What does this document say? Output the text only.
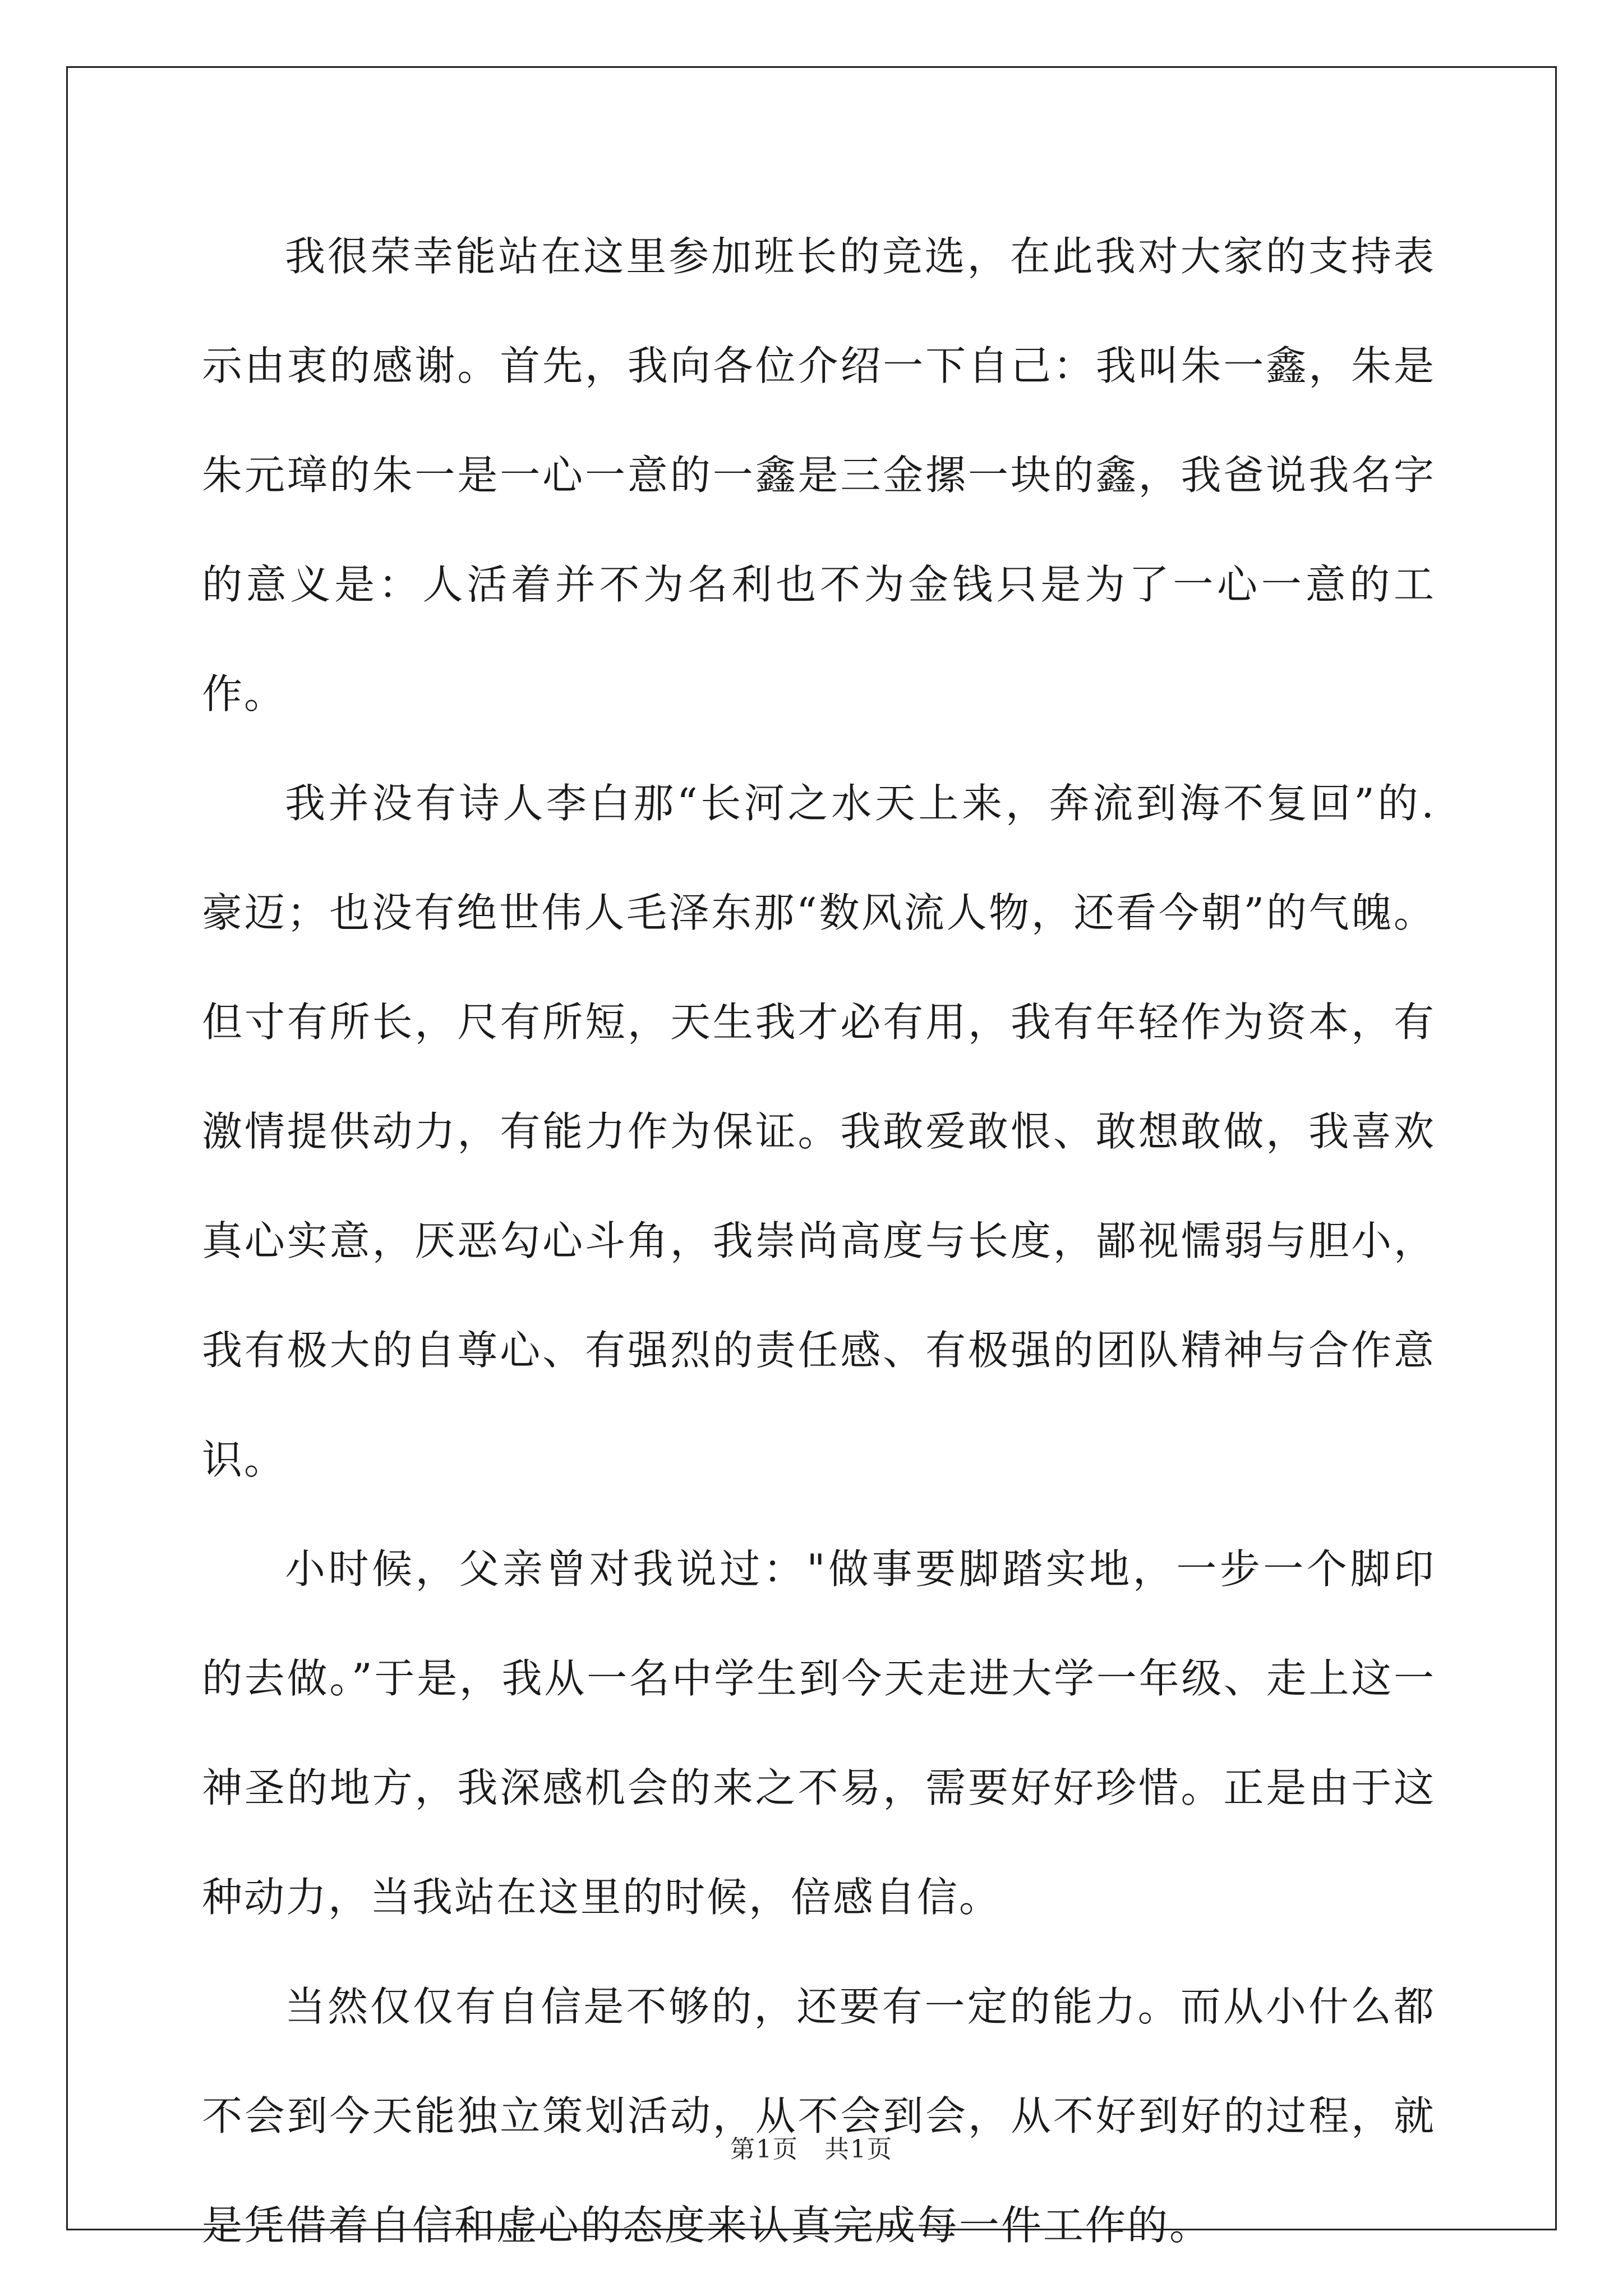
我很荣幸能站在这里参加班长的竞选，在此我对大家的支持表示由衷的感谢。首先，我向各位介绍一下自己：我叫朱一鑫，朱是朱元璋的朱一是一心一意的一鑫是三金摞一块的鑫，我爸说我名字的意义是：人活着并不为名利也不为金钱只是为了一心一意的工作。

我并没有诗人李白那“长河之水天上来，奔流到海不复回”的.豪迈；也没有绝世伟人毛泽东那“数风流人物，还看今朝”的气魄。但寸有所长，尺有所短，天生我才必有用，我有年轻作为资本，有激情提供动力，有能力作为保证。我敢爱敢恨、敢想敢做，我喜欢真心实意，厌恶勾心斗角，我崇尚高度与长度，鄙视懦弱与胆小，我有极大的自尊心、有强烈的责任感、有极强的团队精神与合作意识。

小时候，父亲曾对我说过："做事要脚踏实地，一步一个脚印的去做。”于是，我从一名中学生到今天走进大学一年级、走上这一神圣的地方，我深感机会的来之不易，需要好好珍惜。正是由于这种动力，当我站在这里的时候，倍感自信。

当然仅仅有自信是不够的，还要有一定的能力。而从小什么都不会到今天能独立策划活动，从不会到会，从不好到好的过程，就是凭借着自信和虚心的态度来认真完成每一件工作的。

第1页　共1页
